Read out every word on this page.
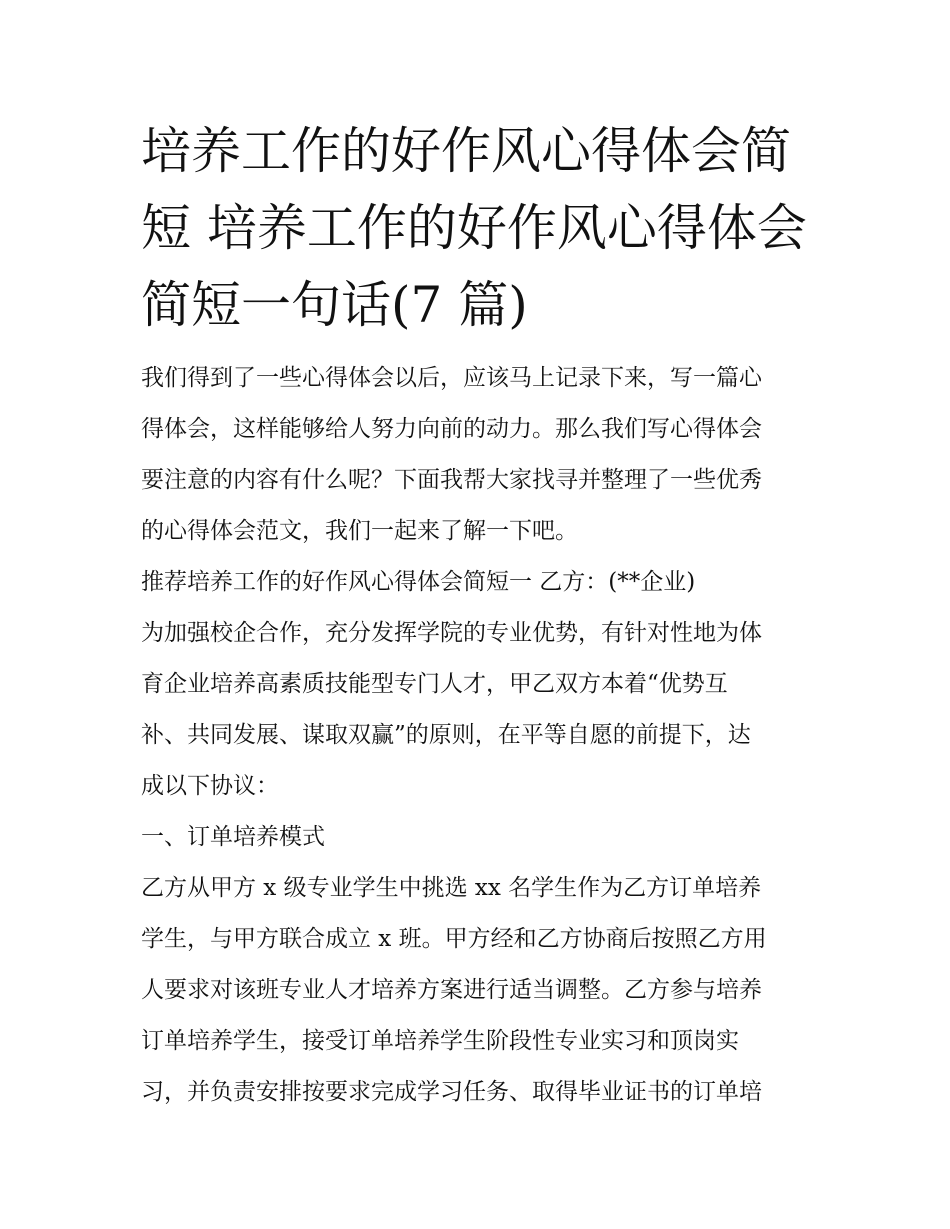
培养工作的好作风心得体会简
短 培养工作的好作风心得体会
简短一句话(7 篇)

我们得到了一些心得体会以后，应该马上记录下来，写一篇心
得体会，这样能够给人努力向前的动力。那么我们写心得体会
要注意的内容有什么呢？下面我帮大家找寻并整理了一些优秀
的心得体会范文，我们一起来了解一下吧。

推荐培养工作的好作风心得体会简短一 乙方：(**企业)

为加强校企合作，充分发挥学院的专业优势，有针对性地为体
育企业培养高素质技能型专门人才，甲乙双方本着“优势互
补、共同发展、谋取双赢”的原则，在平等自愿的前提下，达
成以下协议：

一、订单培养模式

乙方从甲方 x 级专业学生中挑选 xx 名学生作为乙方订单培养
学生，与甲方联合成立 x 班。甲方经和乙方协商后按照乙方用
人要求对该班专业人才培养方案进行适当调整。乙方参与培养
订单培养学生，接受订单培养学生阶段性专业实习和顶岗实
习，并负责安排按要求完成学习任务、取得毕业证书的订单培
